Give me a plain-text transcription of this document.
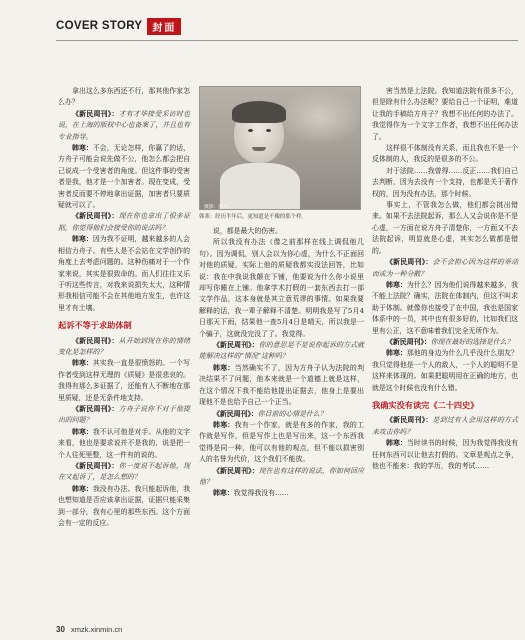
COVER STORY	封面

拿出这么多东西还不行，那其他作家怎么办？

《新民周刊》：才有才华接受采访时也说，在上海的版权中心也备案了，并且也有专业指导。

韩寒：不会，无论怎样，你赢了的话，方舟子可能会说先做不公，他怎么都会把自己说成一个受害者的角度。但这件事的受害者是我，他才是一个加害者。现在变成，受害者反而要不停地拿出证据，加害者只要质疑就可以了。

《新民周刊》：现在你也拿出了很多证据，你觉得他们会接受你的说法吗？

韩寒：因为我不证明，越来越多的人会相信力舟子。有些人是不会站在文学创作的角度上去考虑问题的。这种伤痛对于一个作家来说，其实是很致命的。而人们往往又乐于听这些传言，对我来说损失太大，这种情形我相信可能不会在其他地方发生，也许这里才有土壤。

起诉不等于求助体制

《新民周刊》：从开始到现在你的情绪变化是怎样的？

韩寒：其实我一直是很愤怒的。一个写作者受到这样无理的《质疑》是很悲哀的。我得有那么多证据了，还能有人不断地在那里质疑，还是无条件地支持。

《新民周刊》：方舟子说你不对于他提出的问题？

韩寒：我不认可他是对手。从他的文字来看，他也是要求说并不是我的，说是把一个人往死里整，这一件有的说的。

《新民周刊》：你一度说不起诉他，现在又起诉了，是怎么想的？

韩寒：我没有办法。我只能起诉他，我也想知道是否应该拿出证据，证据只能采集到一部分，我有心里的那些东西。这个方面会有一定的反应。

摄影：图片
韩寒：经历半年后，更知道是不像的那个样。

说，都是最大的伤害。

所以我没有办法（像之前那样在线上调侃他几句）。因为调侃，别人会以为你心虚，为什么不正面回对他的质疑，实际上他的质疑我都实没法回答，比如说：我在中我说我颠在下铺，他要说为什么你小说里却写你睡在上铺。他拿学术打假的一套东西去打一部文学作品，这本身就是其立意荒谬的事情。如果我要解释的话，我一辈子解释不清楚。明明我是写了5月4日那天下雨，结果他一查5月4日是晴天，所以我是一个骗子，这就没完没了了。我觉得。

《新民周刊》：你的意思是不是说你起诉的方式就能解决这样的“情况”这种吗？

韩寒：当然确实不了，因为方舟子认为法院的判决结果不了问题，他本来就是一个道德上就是这样，在这个情况下我不能给他提出证据去，他身上是要出现他不是也给予自己一个正当。

《新民周刊》：你目前的心情是什么？

韩寒：我有一个作家，就是有多的作家，我的工作就是写作，但是写作上也是写出来，这一个东西我觉得是同一种，他可以有他的观点，但不能以损害别人的名誉为代价，这个我们不能放。

《新民周刊》：现在也有这样的说法，你如何回应他？

韩寒：我觉得我没有……

害当然是上法院。我知道法院有很多不公，但是除有什么办法呢？要给自己一个证明，难道让我的手稿给方舟子？我想不出任何的办法了。我觉得作为一个文字工作者，我想不出任何办法了。

这样很不体制没有关系，而且我也不是一个反体制的人，我反的是很多的不公。

对于法院……我曾得……反正……我们自己去判断，因为去没有一个支持，也都是关于著作权的，因为没有办法，那个时候。

事实上，不管我怎么做，他们都会挑出错来。如果不去法院起诉，那么人又会说你是不是心虚，一方面在说方舟子清楚你，一方面又不去法院起诉，明显就是心虚，其实怎么做都是错的。

《新民周刊》：会不会担心因为这样的举动而成为一种分散？

韩寒：为什么？因为他们说得越来越多，我不能上法院？确实，法院在体制内，但这不叫求助于体制。就像你也接受了在中国，我也是国家体系中的一员，其中也有很多好的，比如我们这里有公正，这不意味着我们完全无所作为。

《新民周刊》：你现在最好的选择是什么？

韩寒：那他的身边为什么几乎没什么朋友？我只觉得他是一个人的敌人，一个人的聪明不是这样来体现的。如果把聪明用在正确的地方，也就是这个时候也没有什么错。

我确实没有读完《二十四史》

《新民周刊》：是到过有人会用这样的方式来攻击你吗？

韩寒：当时读书的时候，因为我觉得我没有任何东西可以让他去打假的。文章是观点之争，他也不能来：我的学历，我的考试……

30 xmzk.xinmin.cn
